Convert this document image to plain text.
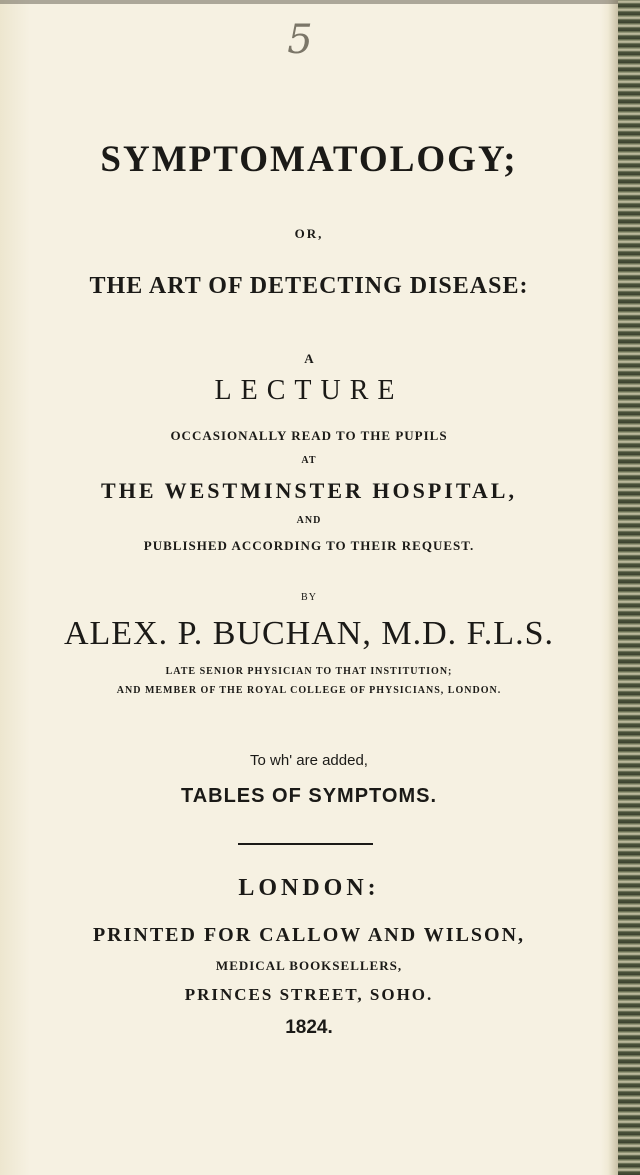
5
SYMPTOMATOLOGY;
OR,
THE ART OF DETECTING DISEASE:
A
LECTURE
OCCASIONALLY READ TO THE PUPILS
AT
THE WESTMINSTER HOSPITAL,
AND
PUBLISHED ACCORDING TO THEIR REQUEST.
BY
ALEX. P. BUCHAN, M.D. F.L.S.
LATE SENIOR PHYSICIAN TO THAT INSTITUTION;
AND MEMBER OF THE ROYAL COLLEGE OF PHYSICIANS, LONDON.
To wh' are added,
TABLES OF SYMPTOMS.
LONDON:
PRINTED FOR CALLOW AND WILSON,
MEDICAL BOOKSELLERS,
PRINCES STREET, SOHO.
1824.
